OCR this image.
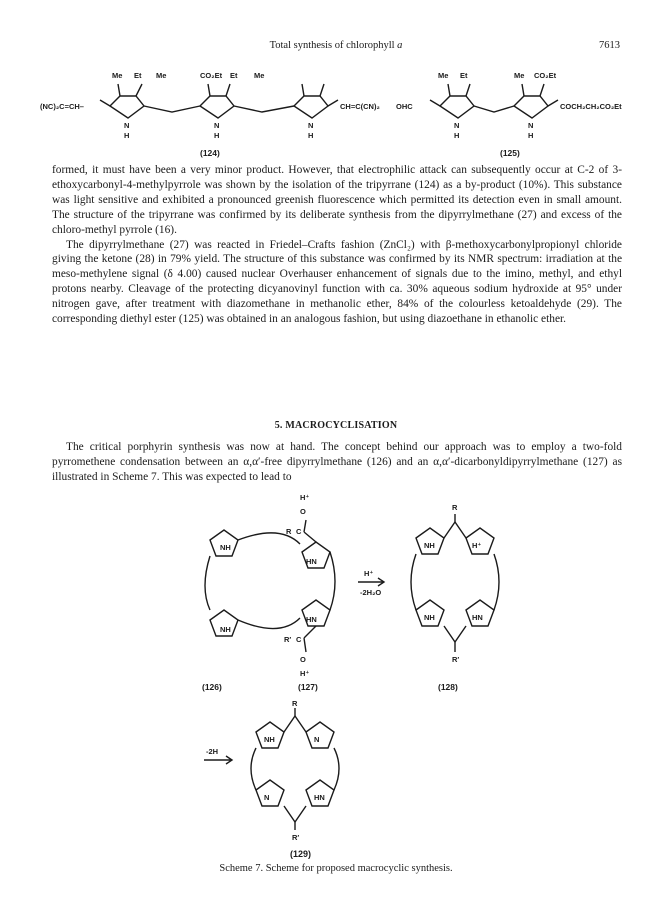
Total synthesis of chlorophyll a	7613
Me Et Me	CO₂Et Et Me
(NC)₂C=CH–	CH=C(CN)₂
N
H
N
H
N
H
Me Et	Me CO₂Et
OHC	COCH₂CH₂CO₂Et
N
H
N
H
(124)	(125)

formed, it must have been a very minor product. However, that electrophilic attack can subsequently occur at C-2 of 3-ethoxycarbonyl-4-methylpyrrole was shown by the isolation of the tripyrrane (124) as a by-product (10%). This substance was light sensitive and exhibited a pronounced greenish fluorescence which permitted its detection even in small amount. The structure of the tripyrrane was confirmed by its deliberate synthesis from the dipyrrylmethane (27) and excess of the chloro-methyl pyrrole (16).

The dipyrrylmethane (27) was reacted in Friedel–Crafts fashion (ZnCl₂) with β-methoxycarbonylpropionyl chloride giving the ketone (28) in 79% yield. The structure of this substance was confirmed by its NMR spectrum: irradiation at the meso-methylene signal (δ 4.00) caused nuclear Overhauser enhancement of signals due to the imino, methyl, and ethyl protons nearby. Cleavage of the protecting dicyanovinyl function with ca. 30% aqueous sodium hydroxide at 95° under nitrogen gave, after treatment with diazomethane in methanolic ether, 84% of the colourless ketoaldehyde (29). The corresponding diethyl ester (125) was obtained in an analogous fashion, but using diazoethane in ethanolic ether.

5. MACROCYCLISATION

The critical porphyrin synthesis was now at hand. The concept behind our approach was to employ a two-fold pyrromethene condensation between an α,α′-free dipyrrylmethane (126) and an α,α′-dicarbonyldipyrrylmethane (127) as illustrated in Scheme 7. This was expected to lead to

NH
NH
HN
HN
H⁺
O
R C
R′ C
O
H⁺
H⁺
-2H₂O
R
R′
NH	H⁺
NH	HN
(126)	(127)	(128)
-2H
R
R′
NH	N
N	HN
(129)
Scheme 7. Scheme for proposed macrocyclic synthesis.
